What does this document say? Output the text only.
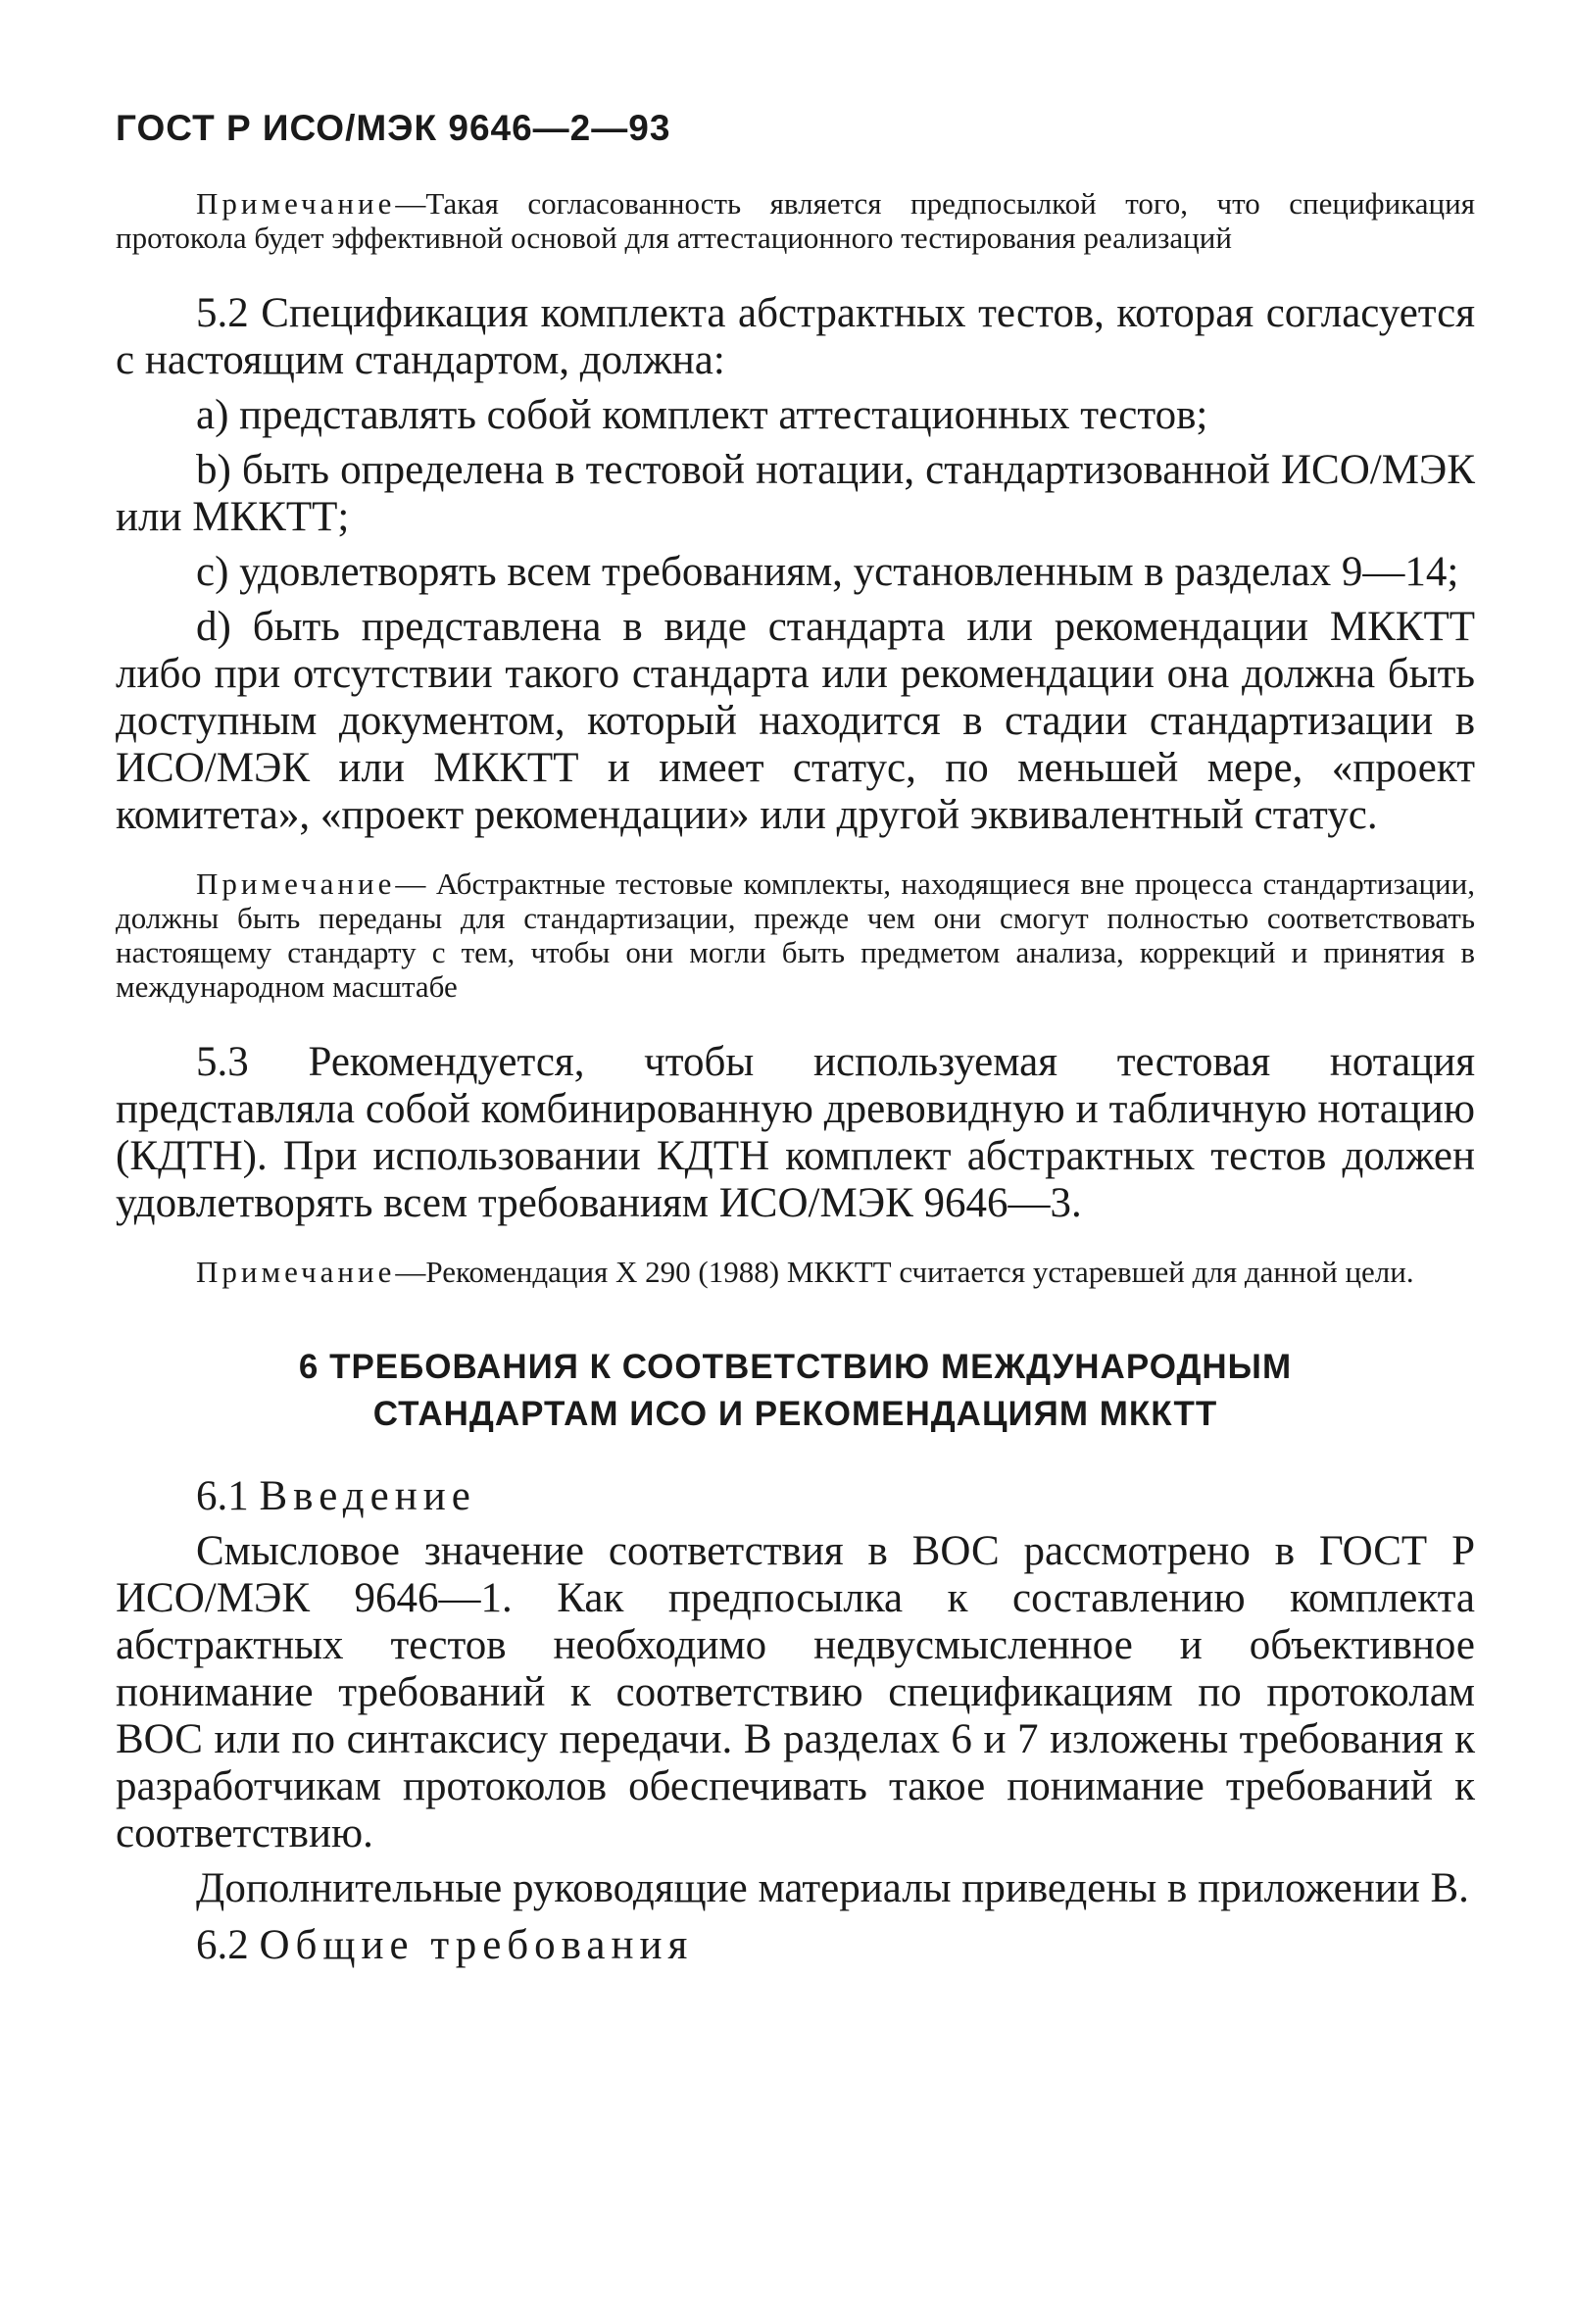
ГОСТ Р ИСО/МЭК 9646—2—93

Примечание—Такая согласованность является предпосылкой того, что спецификация протокола будет эффективной основой для аттестационного тестирования реализаций

5.2 Спецификация комплекта абстрактных тестов, которая согласуется с настоящим стандартом, должна:

a) представлять собой комплект аттестационных тестов;

b) быть определена в тестовой нотации, стандартизованной ИСО/МЭК или МККТТ;

c) удовлетворять всем требованиям, установленным в разделах 9—14;

d) быть представлена в виде стандарта или рекомендации МККТТ либо при отсутствии такого стандарта или рекомендации она должна быть доступным документом, который находится в стадии стандартизации в ИСО/МЭК или МККТТ и имеет статус, по меньшей мере, «проект комитета», «проект рекомендации» или другой эквивалентный статус.

Примечание— Абстрактные тестовые комплекты, находящиеся вне процесса стандартизации, должны быть переданы для стандартизации, прежде чем они смогут полностью соответствовать настоящему стандарту с тем, чтобы они могли быть предметом анализа, коррекций и принятия в международном масштабе

5.3 Рекомендуется, чтобы используемая тестовая нотация представляла собой комбинированную древовидную и табличную нотацию (КДТН). При использовании КДТН комплект абстрактных тестов должен удовлетворять всем требованиям ИСО/МЭК 9646—3.

Примечание—Рекомендация X 290 (1988) МККТТ считается устаревшей для данной цели.

6 ТРЕБОВАНИЯ К СООТВЕТСТВИЮ МЕЖДУНАРОДНЫМ
СТАНДАРТАМ ИСО И РЕКОМЕНДАЦИЯМ МККТТ
6.1 Введение

Смысловое значение соответствия в ВОС рассмотрено в ГОСТ Р ИСО/МЭК 9646—1. Как предпосылка к составлению комплекта абстрактных тестов необходимо недвусмысленное и объективное понимание требований к соответствию спецификациям по протоколам ВОС или по синтаксису передачи. В разделах 6 и 7 изложены требования к разработчикам протоколов обеспечивать такое понимание требований к соответствию.

Дополнительные руководящие материалы приведены в приложении В.

6.2 Общие требования
